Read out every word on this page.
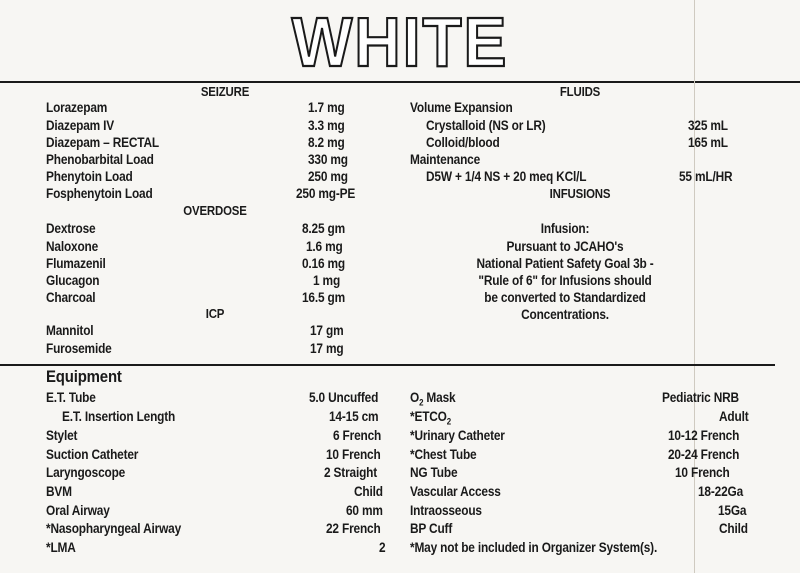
WHITE
SEIZURE
Lorazepam	1.7 mg
Diazepam IV	3.3 mg
Diazepam – RECTAL	8.2 mg
Phenobarbital Load	330 mg
Phenytoin Load	250 mg
Fosphenytoin Load	250 mg-PE
OVERDOSE
Dextrose	8.25 gm
Naloxone	1.6 mg
Flumazenil	0.16 mg
Glucagon	1 mg
Charcoal	16.5 gm
ICP
Mannitol	17 gm
Furosemide	17 mg
FLUIDS
Volume Expansion
Crystalloid (NS or LR)	325 mL
Colloid/blood	165 mL
Maintenance
D5W + 1/4 NS + 20 meq KCl/L	55 mL/HR
INFUSIONS
Infusion:
Pursuant to JCAHO's
National Patient Safety Goal 3b -
"Rule of 6" for Infusions should
be converted to Standardized
Concentrations.
Equipment
E.T. Tube	5.0 Uncuffed
E.T. Insertion Length	14-15 cm
Stylet	6 French
Suction Catheter	10 French
Laryngoscope	2 Straight
BVM	Child
Oral Airway	60 mm
*Nasopharyngeal Airway	22 French
*LMA	2
$O_2$ Mask	Pediatric NRB
$*ETCO_2$	Adult
*Urinary Catheter	10-12 French
*Chest Tube	20-24 French
NG Tube	10 French
Vascular Access	18-22Ga
Intraosseous	15Ga
BP Cuff	Child
*May not be included in Organizer System(s).
